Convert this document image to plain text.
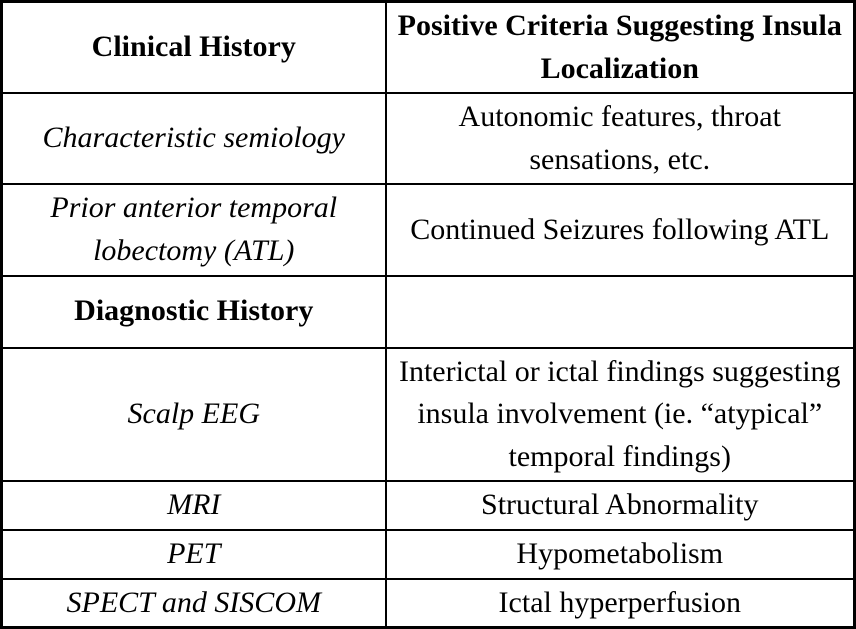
Clinical History	Positive Criteria Suggesting Insula Localization
Characteristic semiology	Autonomic features, throat sensations, etc.
Prior anterior temporal lobectomy (ATL)	Continued Seizures following ATL
Diagnostic History	
Scalp EEG	Interictal or ictal findings suggesting insula involvement (ie. “atypical” temporal findings)
MRI	Structural Abnormality
PET	Hypometabolism
SPECT and SISCOM	Ictal hyperperfusion
